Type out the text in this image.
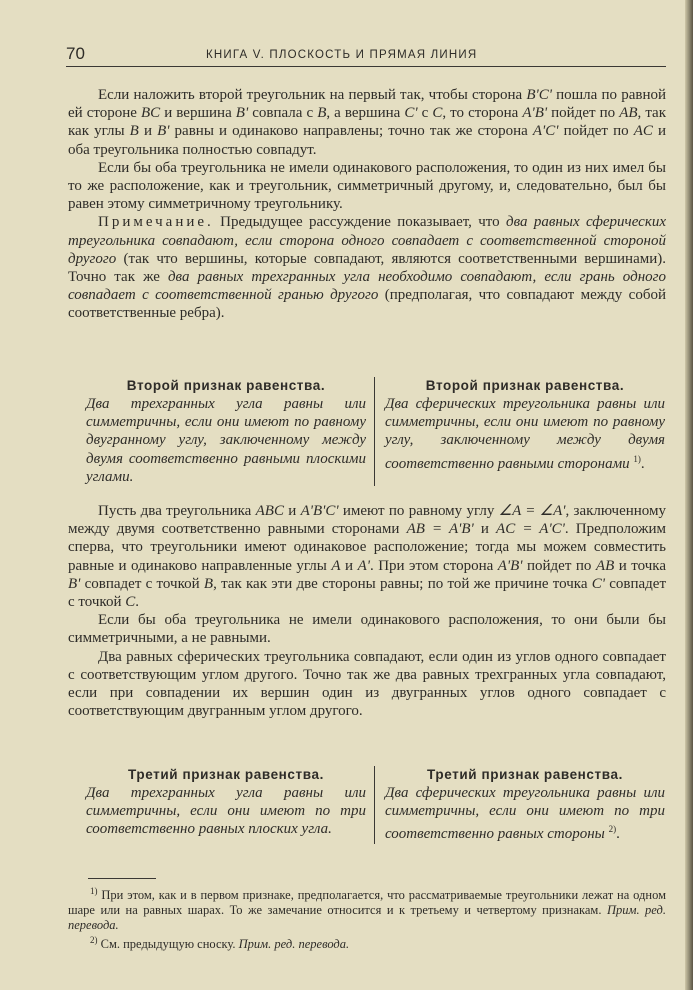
70	КНИГА V. ПЛОСКОСТЬ И ПРЯМАЯ ЛИНИЯ

Если наложить второй треугольник на первый так, чтобы сторона B'C' пошла по равной ей стороне BC и вершина B' совпала с B, а вершина C' с C, то сторона A'B' пойдет по AB, так как углы B и B' равны и одинаково направлены; точно так же сторона A'C' пойдет по AC и оба треугольника полностью совпадут.

Если бы оба треугольника не имели одинакового расположения, то один из них имел бы то же расположение, как и треугольник, симметричный другому, и, следовательно, был бы равен этому симметричному треугольнику.

Примечание. Предыдущее рассуждение показывает, что два равных сферических треугольника совпадают, если сторона одного совпадает с соответственной стороной другого (так что вершины, которые совпадают, являются соответственными вершинами). Точно так же два равных трехгранных угла необходимо совпадают, если грань одного совпадает с соответственной гранью другого (предполагая, что совпадают между собой соответственные ребра).

Второй признак равенства.
Два трехгранных угла равны или симметричны, если они имеют по равному двугранному углу, заключенному между двумя соответственно равными плоскими углами.
Второй признак равенства.
Два сферических треугольника равны или симметричны, если они имеют по равному углу, заключенному между двумя соответственно равными сторонами $^{1)}$.

Пусть два треугольника ABC и A'B'C' имеют по равному углу ∠A = ∠A', заключенному между двумя соответственно равными сторонами AB = A'B' и AC = A'C'. Предположим сперва, что треугольники имеют одинаковое расположение; тогда мы можем совместить равные и одинаково направленные углы A и A'. При этом сторона A'B' пойдет по AB и точка B' совпадет с точкой B, так как эти две стороны равны; по той же причине точка C' совпадет с точкой C.

Если бы оба треугольника не имели одинакового расположения, то они были бы симметричными, а не равными.

Два равных сферических треугольника совпадают, если один из углов одного совпадает с соответствующим углом другого. Точно так же два равных трехгранных угла совпадают, если при совпадении их вершин один из двугранных углов одного совпадает с соответствующим двугранным углом другого.

Третий признак равенства.
Два трехгранных угла равны или симметричны, если они имеют по три соответственно равных плоских угла.
Третий признак равенства.
Два сферических треугольника равны или симметричны, если они имеют по три соответственно равных стороны $^{2)}$.

$^{1)}$ При этом, как и в первом признаке, предполагается, что рассматриваемые треугольники лежат на одном шаре или на равных шарах. То же замечание относится и к третьему и четвертому признакам. Прим. ред. перевода.

$^{2)}$ См. предыдущую сноску. Прим. ред. перевода.
